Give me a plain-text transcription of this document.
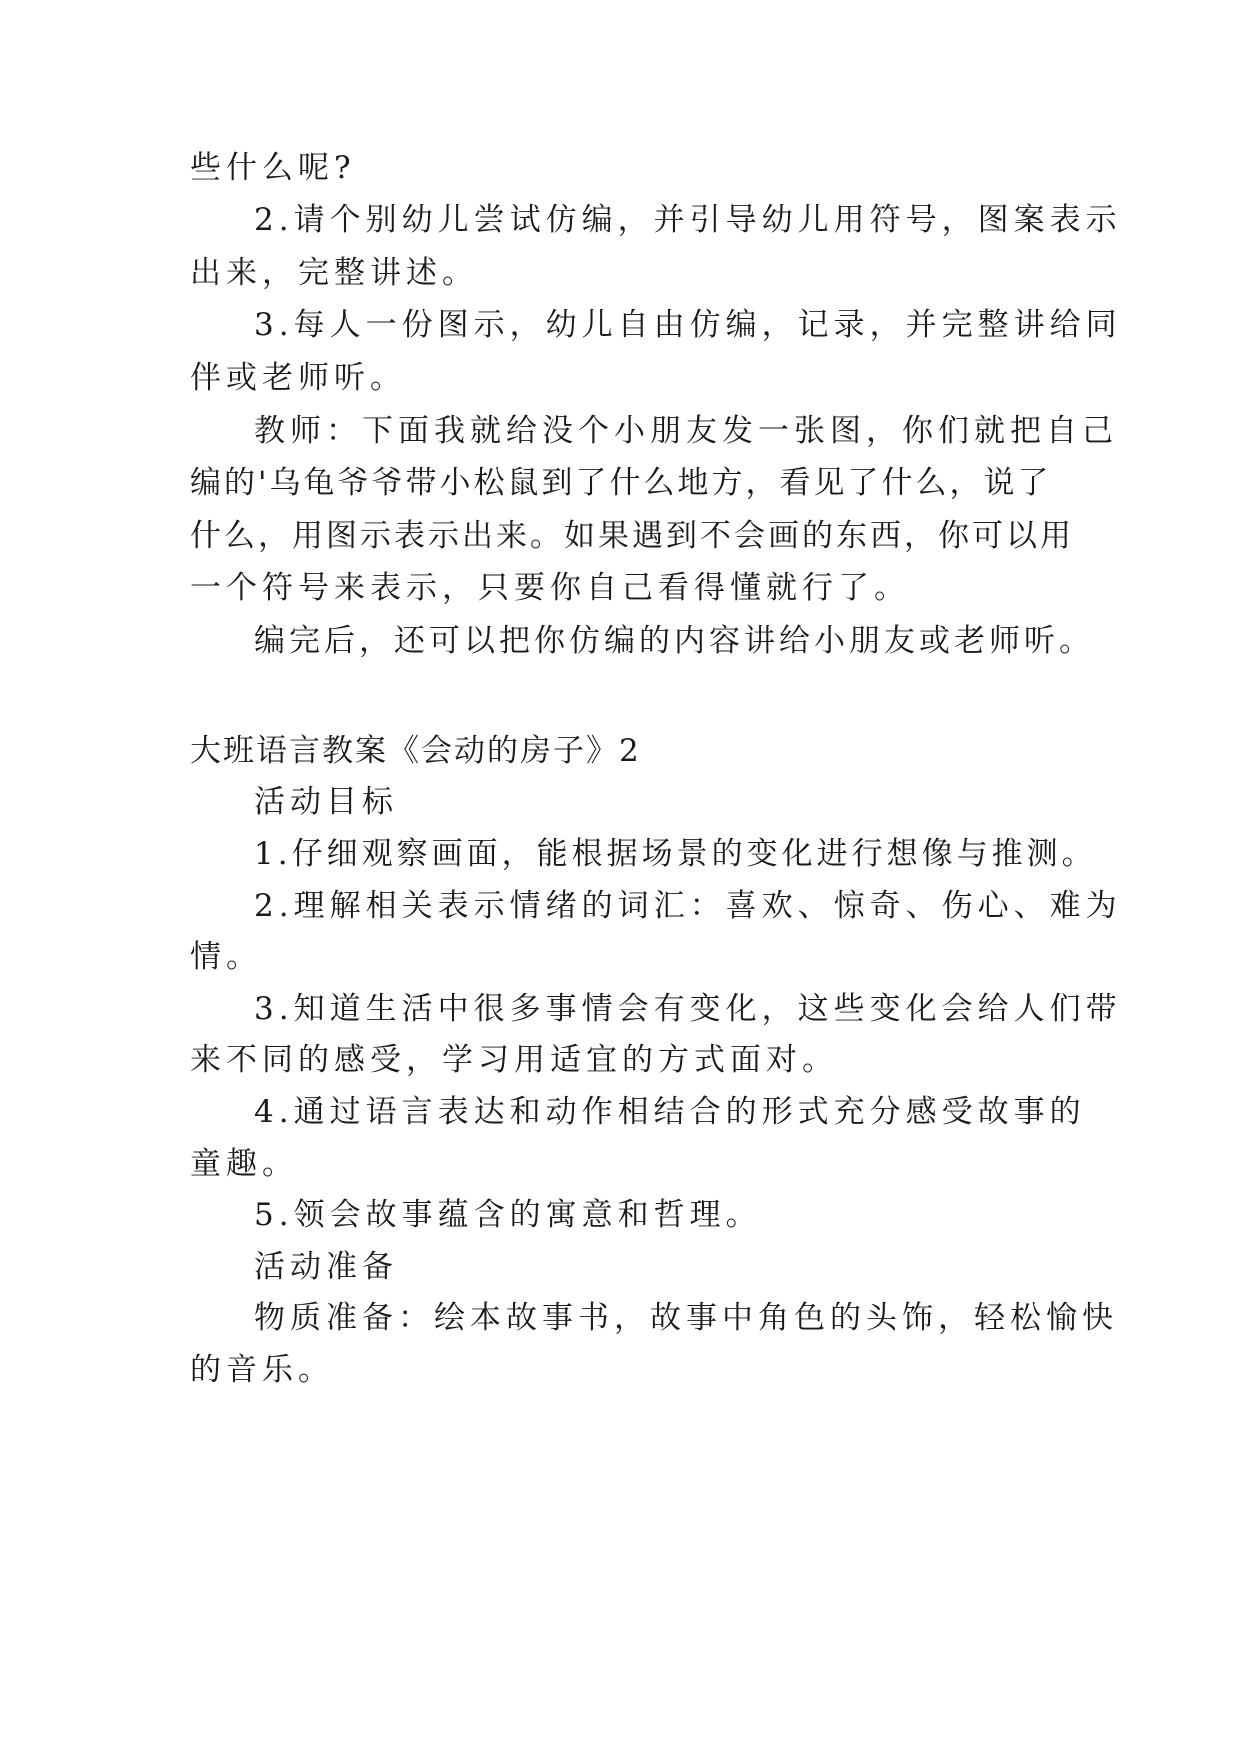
些什么呢?
2.请个别幼儿尝试仿编，并引导幼儿用符号，图案表示
出来，完整讲述。
3.每人一份图示，幼儿自由仿编，记录，并完整讲给同
伴或老师听。
教师：下面我就给没个小朋友发一张图，你们就把自己
编的'乌龟爷爷带小松鼠到了什么地方，看见了什么，说了
什么，用图示表示出来。如果遇到不会画的东西，你可以用
一个符号来表示，只要你自己看得懂就行了。
编完后，还可以把你仿编的内容讲给小朋友或老师听。
大班语言教案《会动的房子》2
活动目标
1.仔细观察画面，能根据场景的变化进行想像与推测。
2.理解相关表示情绪的词汇：喜欢、惊奇、伤心、难为
情。
3.知道生活中很多事情会有变化，这些变化会给人们带
来不同的感受，学习用适宜的方式面对。
4.通过语言表达和动作相结合的形式充分感受故事的
童趣。
5.领会故事蕴含的寓意和哲理。
活动准备
物质准备：绘本故事书，故事中角色的头饰，轻松愉快
的音乐。
